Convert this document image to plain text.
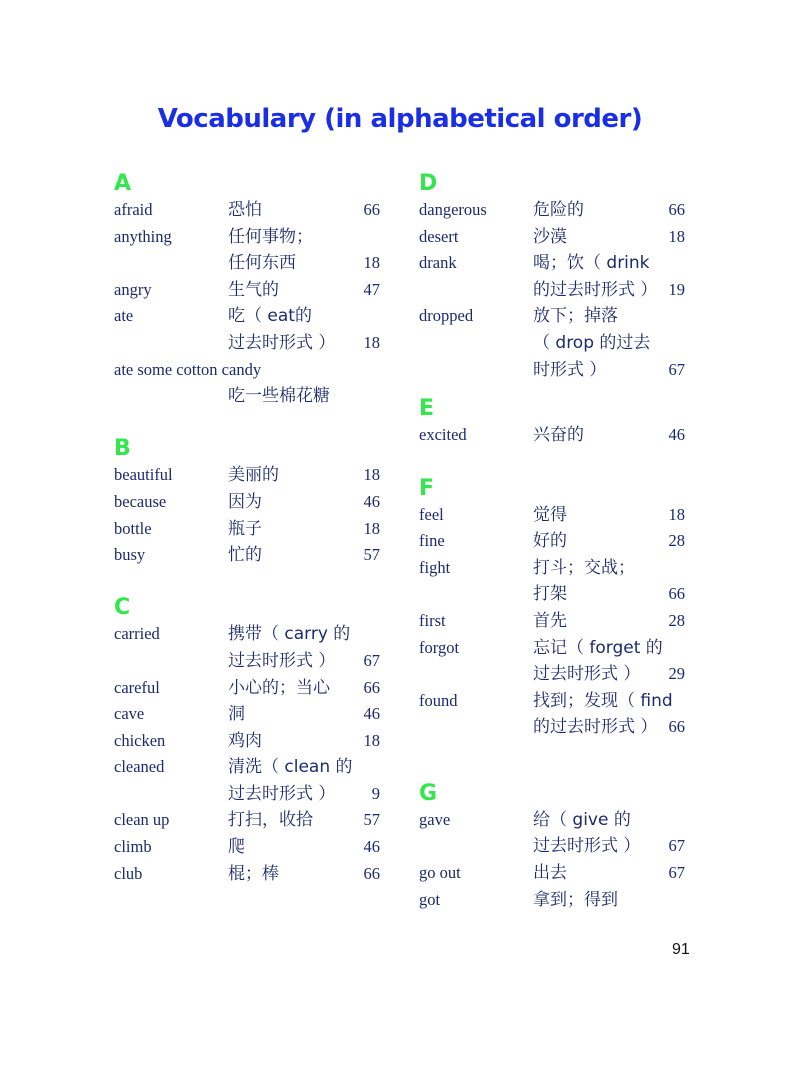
Vocabulary (in alphabetical order)
A
afraid	恐怕	66
anything	任何事物；
任何东西	18
angry	生气的	47
ate	吃（ eat的
过去时形式 ） 18
ate some cotton candy
吃一些棉花糖
B
beautiful	美丽的	18
because	因为	46
bottle	瓶子	18
busy	忙的	57
C
carried	携带（ carry 的
过去时形式 ） 67
careful	小心的；当心 66
cave	洞	46
chicken	鸡肉	18
cleaned	清洗（ clean 的
过去时形式 ） 9
clean up	打扫，收拾	57
climb	爬	46
club	棍；棒	66
D
dangerous	危险的	66
desert	沙漠	18
drank	喝；饮（ drink
的过去时形式 ） 19
dropped	放下；掉落
（ drop 的过去
时形式 ）	67
E
excited	兴奋的	46
F
feel	觉得	18
fine	好的	28
fight	打斗；交战；
打架	66
first	首先	28
forgot	忘记（ forget 的
过去时形式 ） 29
found	找到；发现（ find
的过去时形式 ） 66
G
gave	给（ give 的
过去时形式 ） 67
go out	出去	67
got	拿到；得到
91
